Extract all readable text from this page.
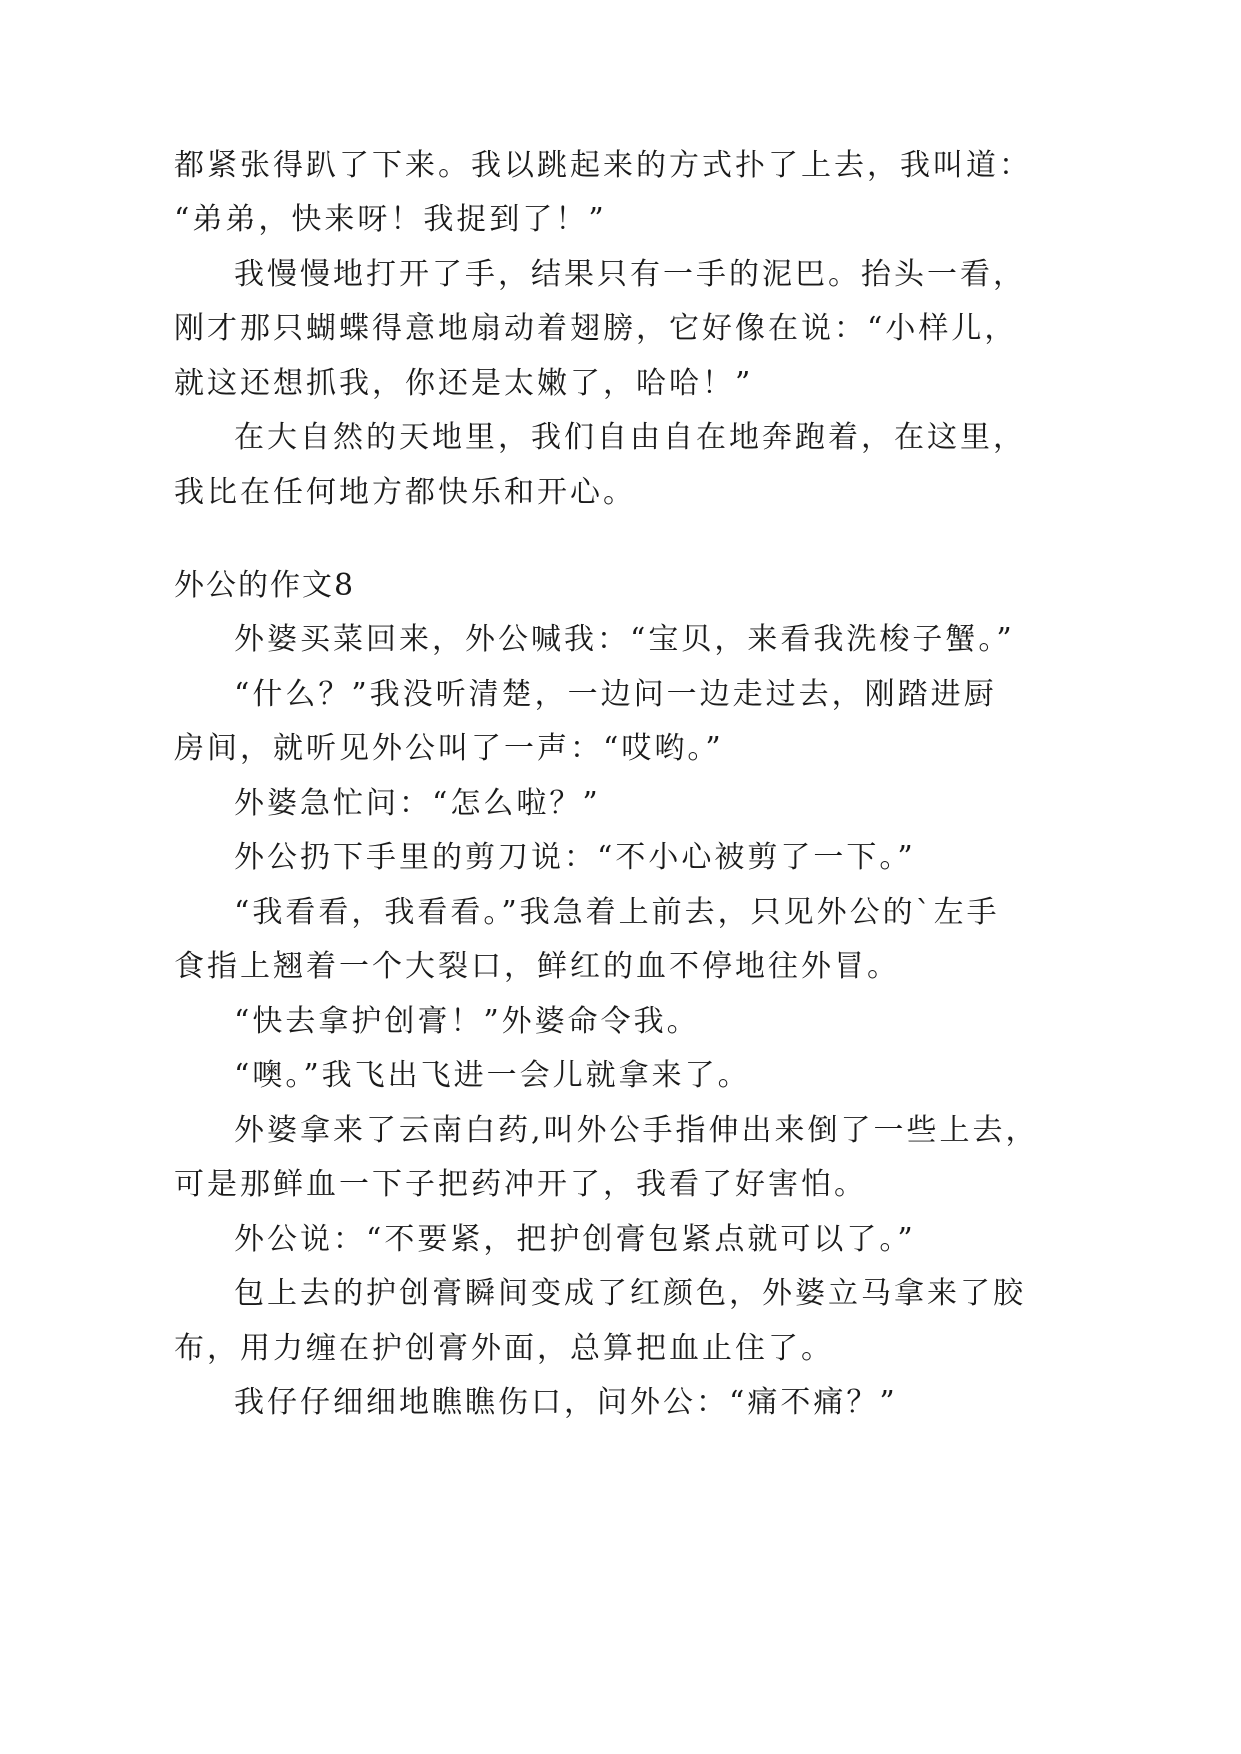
都紧张得趴了下来。我以跳起来的方式扑了上去，我叫道：
“弟弟，快来呀！我捉到了！”
我慢慢地打开了手，结果只有一手的泥巴。抬头一看，
刚才那只蝴蝶得意地扇动着翅膀，它好像在说：“小样儿，
就这还想抓我，你还是太嫩了，哈哈！”
在大自然的天地里，我们自由自在地奔跑着，在这里，
我比在任何地方都快乐和开心。
外公的作文8
外婆买菜回来，外公喊我：“宝贝，来看我洗梭子蟹。”
“什么？”我没听清楚，一边问一边走过去，刚踏进厨
房间，就听见外公叫了一声：“哎哟。”
外婆急忙问：“怎么啦？”
外公扔下手里的剪刀说：“不小心被剪了一下。”
“我看看，我看看。”我急着上前去，只见外公的`左手
食指上翘着一个大裂口，鲜红的血不停地往外冒。
“快去拿护创膏！”外婆命令我。
“噢。”我飞出飞进一会儿就拿来了。
外婆拿来了云南白药,叫外公手指伸出来倒了一些上去，
可是那鲜血一下子把药冲开了，我看了好害怕。
外公说：“不要紧，把护创膏包紧点就可以了。”
包上去的护创膏瞬间变成了红颜色，外婆立马拿来了胶
布，用力缠在护创膏外面，总算把血止住了。
我仔仔细细地瞧瞧伤口，问外公：“痛不痛？”
